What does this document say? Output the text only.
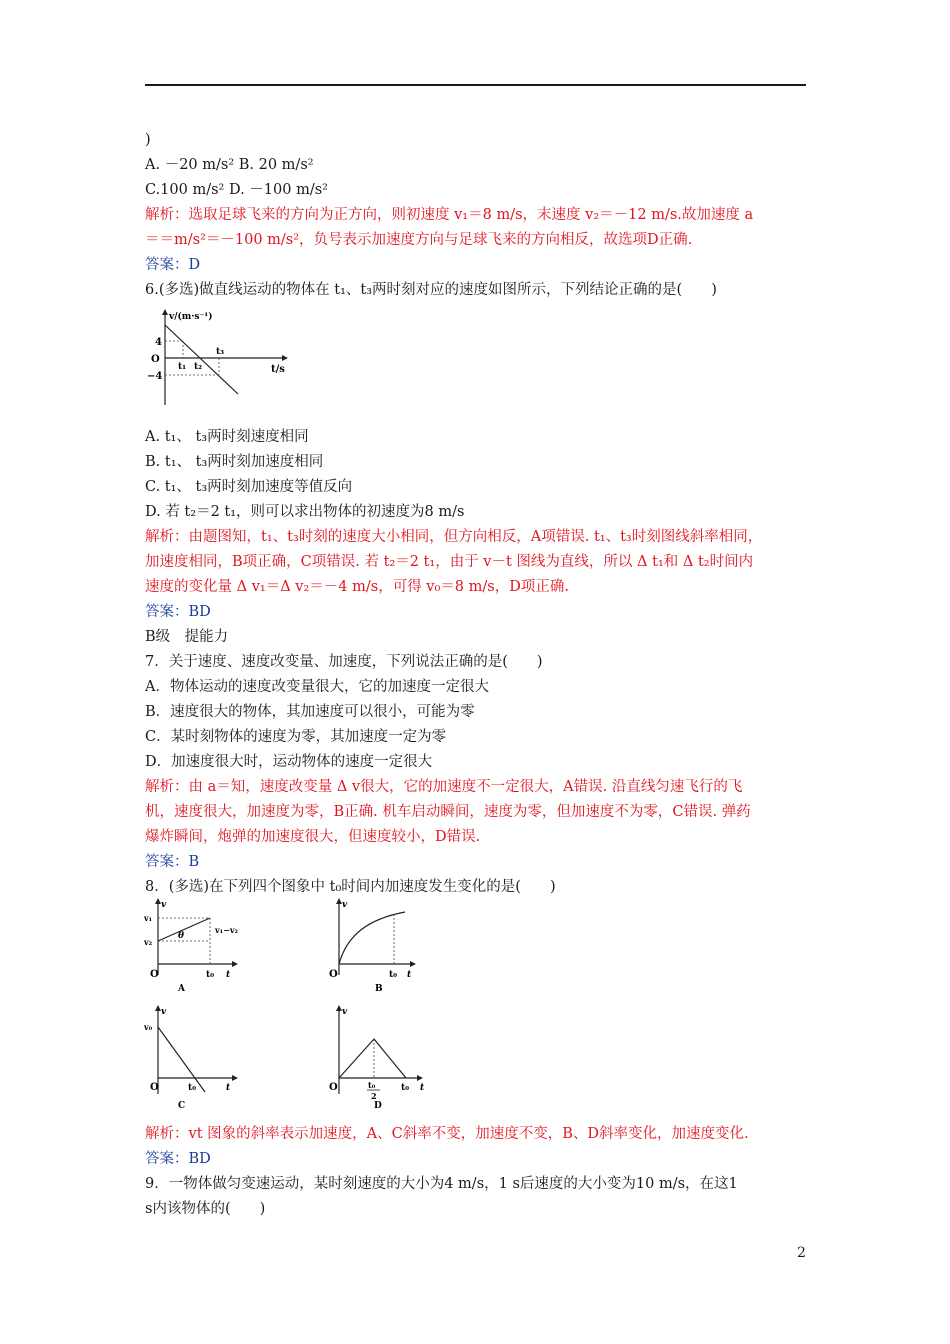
)
A. －20 m/s² B. 20 m/s²
C.100 m/s² D. －100 m/s²
解析：选取足球飞来的方向为正方向，则初速度 v₁＝8 m/s，末速度 v₂＝－12 m/s.故加速度 a
＝＝m/s²＝－100 m/s²，负号表示加速度方向与足球飞来的方向相反，故选项D正确.
答案：D
6.(多选)做直线运动的物体在 t₁、t₃两时刻对应的速度如图所示，下列结论正确的是(　　)
v/(m·s⁻¹)
4
O
−4
t₁ t₂
t₃
t/s
A. t₁、 t₃两时刻速度相同
B. t₁、 t₃两时刻加速度相同
C. t₁、 t₃两时刻加速度等值反向
D. 若 t₂＝2 t₁，则可以求出物体的初速度为8 m/s
解析：由题图知，t₁、t₃时刻的速度大小相同，但方向相反，A项错误. t₁、t₃时刻图线斜率相同，
加速度相同，B项正确，C项错误. 若 t₂＝2 t₁，由于 v－t 图线为直线，所以 Δ t₁和 Δ t₂时间内
速度的变化量 Δ v₁＝Δ v₂＝－4 m/s，可得 v₀＝8 m/s，D项正确.
答案：BD
B级　提能力
7．关于速度、速度改变量、加速度，下列说法正确的是(　　)
A．物体运动的速度改变量很大，它的加速度一定很大
B．速度很大的物体，其加速度可以很小，可能为零
C．某时刻物体的速度为零，其加速度一定为零
D．加速度很大时，运动物体的速度一定很大
解析：由 a＝知，速度改变量 Δ v很大，它的加速度不一定很大，A错误. 沿直线匀速飞行的飞
机，速度很大，加速度为零，B正确. 机车启动瞬间，速度为零，但加速度不为零，C错误. 弹药
爆炸瞬间，炮弹的加速度很大，但速度较小，D错误.
答案：B
8．(多选)在下列四个图象中 t₀时间内加速度发生变化的是(　　)
v
v₁
v₂
θ
v₁−v₂
O	t₀ t
A
v
O	t₀ t
B
v
v₀
O	t₀	t
C
v
O	t₀
2
t₀ t
D
解析：vt 图象的斜率表示加速度，A、C斜率不变，加速度不变，B、D斜率变化，加速度变化.
答案：BD
9．一物体做匀变速运动，某时刻速度的大小为4 m/s，1 s后速度的大小变为10 m/s，在这1
s内该物体的(　　)
2
